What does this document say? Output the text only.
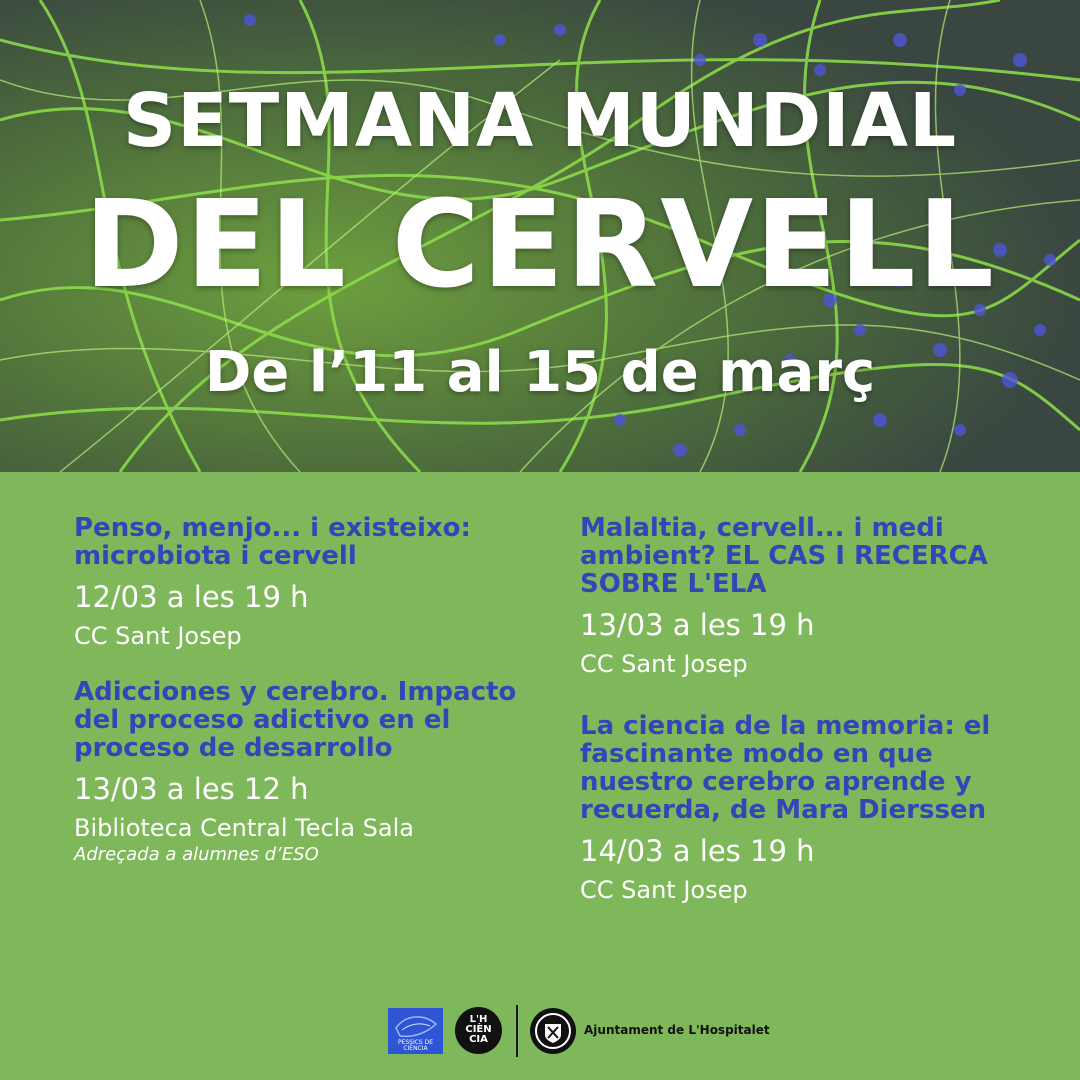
SETMANA MUNDIAL
DEL CERVELL
De l’11 al 15 de març

Penso, menjo... i existeixo: microbiota i cervell

12/03 a les 19 h

CC Sant Josep

Adicciones y cerebro. Impacto del proceso adictivo en el proceso de desarrollo

13/03 a les 12 h

Biblioteca Central Tecla Sala

Adreçada a alumnes d’ESO

Malaltia, cervell... i medi ambient? EL CAS I RECERCA SOBRE L'ELA

13/03 a les 19 h

CC Sant Josep

La ciencia de la memoria: el fascinante modo en que nuestro cerebro aprende y recuerda, de Mara Dierssen

14/03 a les 19 h

CC Sant Josep

PESSICS DE CIÈNCIA
L'H
CIÈN
CIA
Ajuntament de L'Hospitalet
